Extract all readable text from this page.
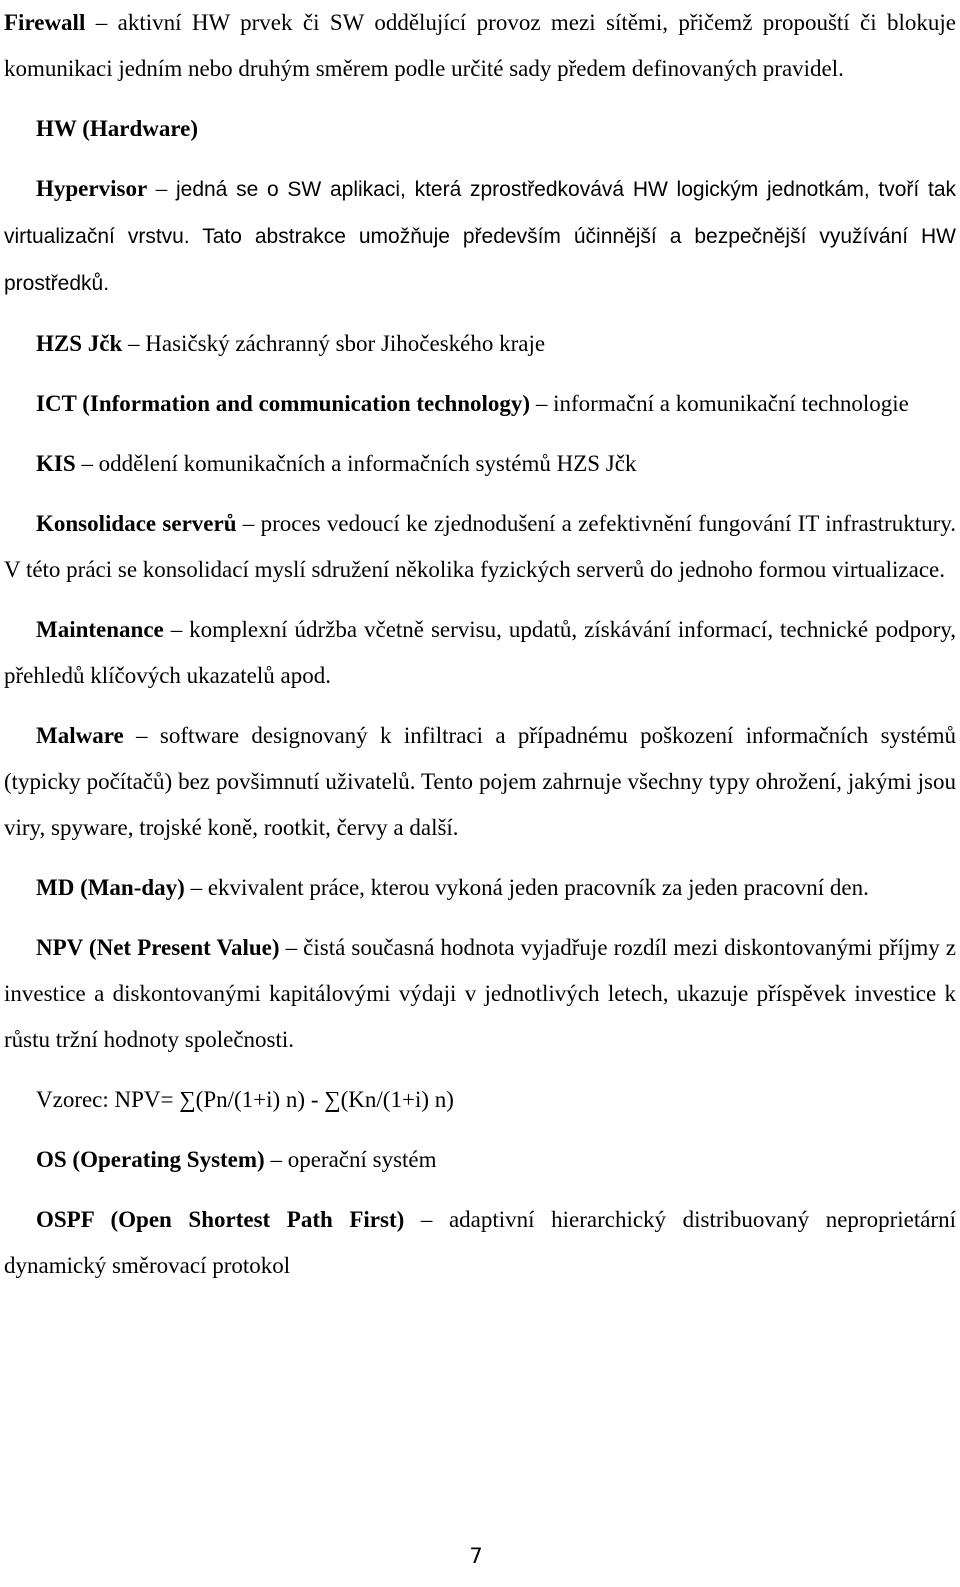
Firewall – aktivní HW prvek či SW oddělující provoz mezi sítěmi, přičemž propouští či blokuje komunikaci jedním nebo druhým směrem podle určité sady předem definovaných pravidel.

HW (Hardware)

Hypervisor – jedná se o SW aplikaci, která zprostředkovává HW logickým jednotkám, tvoří tak virtualizační vrstvu. Tato abstrakce umožňuje především účinnější a bezpečnější využívání HW prostředků.

HZS Jčk – Hasičský záchranný sbor Jihočeského kraje

ICT (Information and communication technology) – informační a komunikační technologie

KIS – oddělení komunikačních a informačních systémů HZS Jčk

Konsolidace serverů – proces vedoucí ke zjednodušení a zefektivnění fungování IT infrastruktury. V této práci se konsolidací myslí sdružení několika fyzických serverů do jednoho formou virtualizace.

Maintenance – komplexní údržba včetně servisu, updatů, získávání informací, technické podpory, přehledů klíčových ukazatelů apod.

Malware – software designovaný k infiltraci a případnému poškození informačních systémů (typicky počítačů) bez povšimnutí uživatelů. Tento pojem zahrnuje všechny typy ohrožení, jakými jsou viry, spyware, trojské koně, rootkit, červy a další.

MD (Man-day) – ekvivalent práce, kterou vykoná jeden pracovník za jeden pracovní den.

NPV (Net Present Value) – čistá současná hodnota vyjadřuje rozdíl mezi diskontovanými příjmy z investice a diskontovanými kapitálovými výdaji v jednotlivých letech, ukazuje příspěvek investice k růstu tržní hodnoty společnosti.

Vzorec: NPV= ∑(Pn/(1+i) n) - ∑(Kn/(1+i) n)

OS (Operating System) – operační systém

OSPF (Open Shortest Path First) – adaptivní hierarchický distribuovaný neproprietární dynamický směrovací protokol

7
